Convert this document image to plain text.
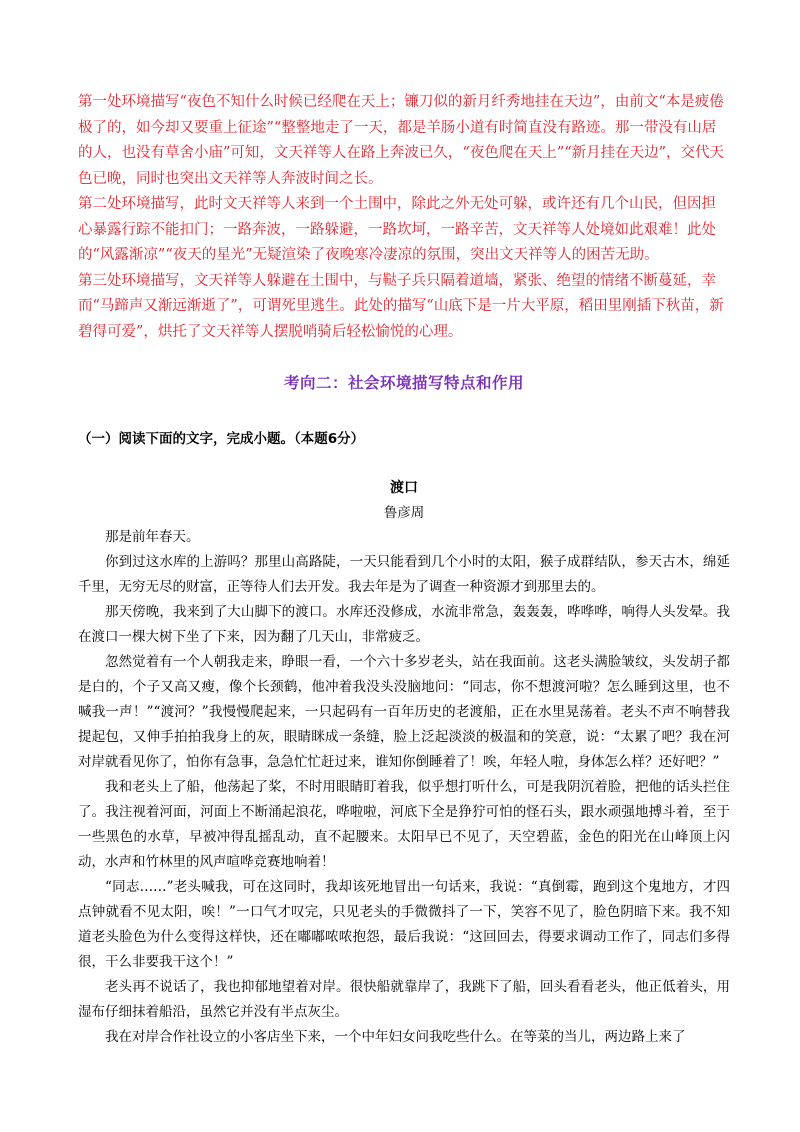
第一处环境描写“夜色不知什么时候已经爬在天上；镰刀似的新月纤秀地挂在天边”，由前文“本是疲倦极了的，如今却又要重上征途”“整整地走了一天，都是羊肠小道有时简直没有路迹。那一带没有山居的人，也没有草舍小庙”可知，文天祥等人在路上奔波已久，“夜色爬在天上”“新月挂在天边”，交代天色已晚，同时也突出文天祥等人奔波时间之长。

第二处环境描写，此时文天祥等人来到一个土围中，除此之外无处可躲，或许还有几个山民，但因担心暴露行踪不能扣门；一路奔波，一路躲避，一路坎坷，一路辛苦，文天祥等人处境如此艰难！此处的“风露渐凉”“夜天的星光”无疑渲染了夜晚寒冷凄凉的氛围，突出文天祥等人的困苦无助。

第三处环境描写，文天祥等人躲避在土围中，与鞑子兵只隔着道墙，紧张、绝望的情绪不断蔓延，幸而“马蹄声又渐远渐逝了”，可谓死里逃生。此处的描写“山底下是一片大平原，稻田里刚插下秋苗，新碧得可爱”，烘托了文天祥等人摆脱哨骑后轻松愉悦的心理。

考向二：社会环境描写特点和作用
（一）阅读下面的文字，完成小题。（本题6分）
渡口
鲁彦周

那是前年春天。

你到过这水库的上游吗？那里山高路陡，一天只能看到几个小时的太阳，猴子成群结队，参天古木，绵延千里，无穷无尽的财富，正等待人们去开发。我去年是为了调查一种资源才到那里去的。

那天傍晚，我来到了大山脚下的渡口。水库还没修成，水流非常急，轰轰轰，哗哗哗，响得人头发晕。我在渡口一棵大树下坐了下来，因为翻了几天山，非常疲乏。

忽然觉着有一个人朝我走来，睁眼一看，一个六十多岁老头，站在我面前。这老头满脸皱纹，头发胡子都是白的，个子又高又瘦，像个长颈鹤，他冲着我没头没脑地问：“同志，你不想渡河啦？怎么睡到这里，也不喊我一声！”“渡河？”我慢慢爬起来，一只起码有一百年历史的老渡船，正在水里晃荡着。老头不声不响替我提起包，又伸手拍拍我身上的灰，眼睛眯成一条缝，脸上泛起淡淡的极温和的笑意，说：“太累了吧？我在河对岸就看见你了，怕你有急事，急急忙忙赶过来，谁知你倒睡着了！唉，年轻人啦，身体怎么样？还好吧？”

我和老头上了船，他荡起了桨，不时用眼睛盯着我，似乎想打听什么，可是我阴沉着脸，把他的话头拦住了。我注视着河面，河面上不断涌起浪花，哗啦啦，河底下全是狰狞可怕的怪石头，跟水顽强地搏斗着，至于一些黑色的水草，早被冲得乱摇乱动，直不起腰来。太阳早已不见了，天空碧蓝，金色的阳光在山峰顶上闪动，水声和竹林里的风声喧哗竞赛地响着！

“同志……”老头喊我，可在这同时，我却该死地冒出一句话来，我说：“真倒霉，跑到这个鬼地方，才四点钟就看不见太阳，唉！”一口气才叹完，只见老头的手微微抖了一下，笑容不见了，脸色阴暗下来。我不知道老头脸色为什么变得这样快，还在嘟嘟哝哝抱怨，最后我说：“这回回去，得要求调动工作了，同志们多得很，干么非要我干这个！”

老头再不说话了，我也抑郁地望着对岸。很快船就靠岸了，我跳下了船，回头看看老头，他正低着头，用湿布仔细抹着船沿，虽然它并没有半点灰尘。

我在对岸合作社设立的小客店坐下来，一个中年妇女问我吃些什么。在等菜的当儿，两边路上来了
